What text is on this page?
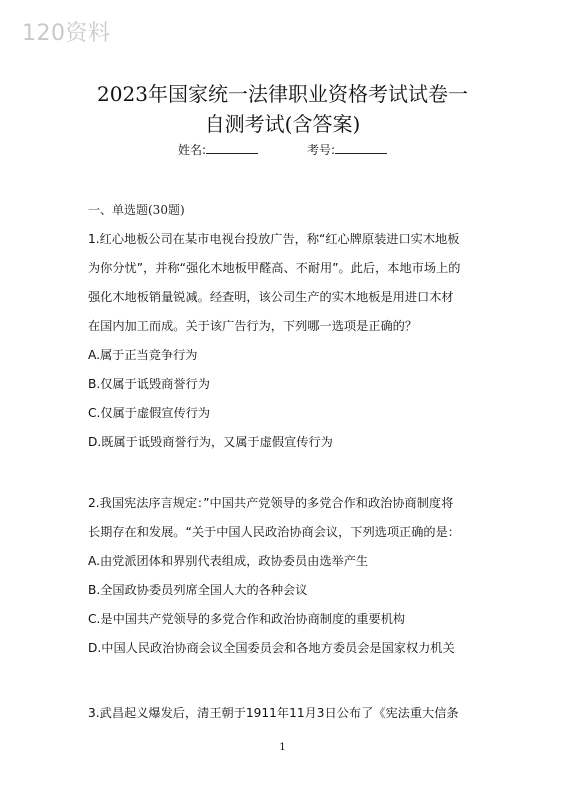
120资料
2023年国家统一法律职业资格考试试卷一
自测考试(含答案)
姓名:	考号:
一、单选题(30题)

1.红心地板公司在某市电视台投放广告，称“红心牌原装进口实木地板

为你分忧”，并称“强化木地板甲醛高、不耐用”。此后，本地市场上的

强化木地板销量锐减。经查明，该公司生产的实木地板是用进口木材

在国内加工而成。关于该广告行为，下列哪一选项是正确的？

A.属于正当竞争行为

B.仅属于诋毁商誉行为

C.仅属于虚假宣传行为

D.既属于诋毁商誉行为，又属于虚假宣传行为

2.我国宪法序言规定：”中国共产党领导的多党合作和政治协商制度将

长期存在和发展。“关于中国人民政治协商会议，下列选项正确的是：

A.由党派团体和界别代表组成，政协委员由选举产生

B.全国政协委员列席全国人大的各种会议

C.是中国共产党领导的多党合作和政治协商制度的重要机构

D.中国人民政治协商会议全国委员会和各地方委员会是国家权力机关

3.武昌起义爆发后，清王朝于1911年11月3日公布了《宪法重大信条

1
